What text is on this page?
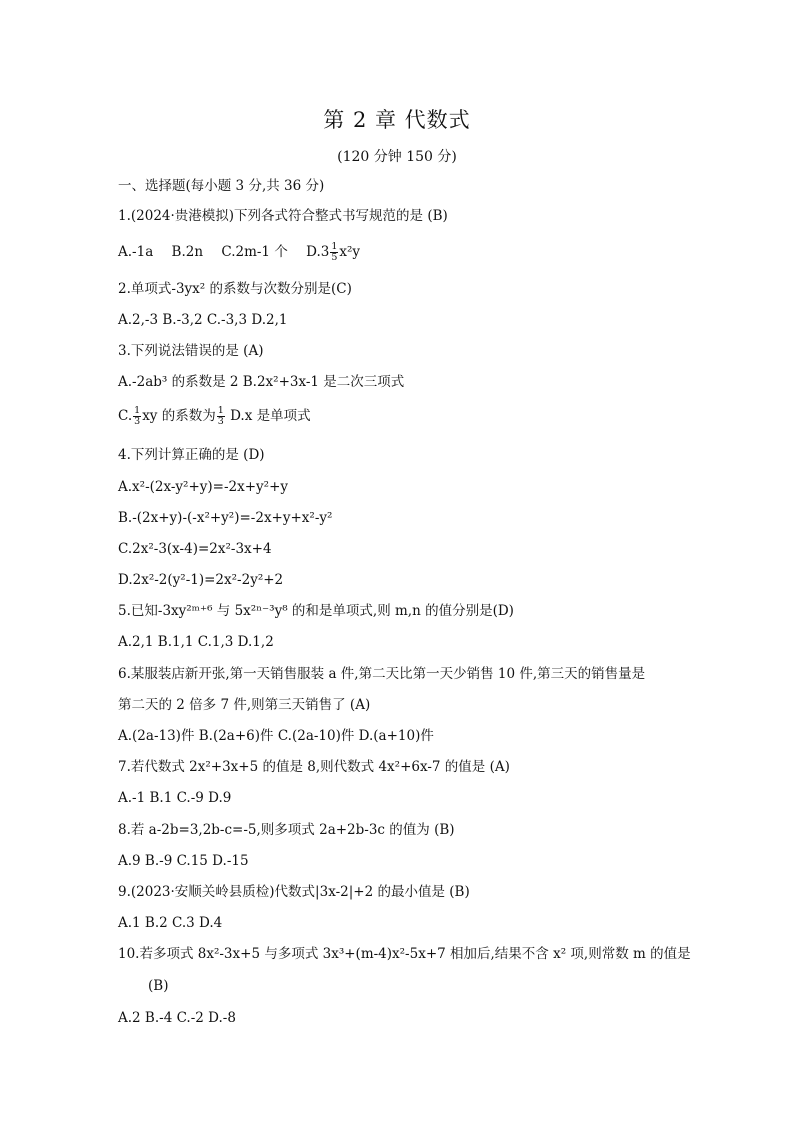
第 2 章 代数式
(120 分钟 150 分)
一、选择题(每小题 3 分,共 36 分)
1.(2024·贵港模拟)下列各式符合整式书写规范的是 (B)
A.-1a B.2n C.2m-1 个 $D.3 \frac{1}{5} x^2y$
2.单项式-3yx² 的系数与次数分别是(C)
A.2,-3 B.-3,2 C.-3,3 D.2,1
3.下列说法错误的是 (A)
A.-2ab³ 的系数是 2 B.2x²+3x-1 是二次三项式
C. $\frac{1}{3}$ xy 的系数为 $\frac{1}{3} D.x$ 是单项式
4.下列计算正确的是 (D)
A.x²-(2x-y²+y)=-2x+y²+y
B.-(2x+y)-(-x²+y²)=-2x+y+x²-y²
C.2x²-3(x-4)=2x²-3x+4
D.2x²-2(y²-1)=2x²-2y²+2
5.已知-3xy²ᵐ⁺⁶ 与 5x²ⁿ⁻³y⁸ 的和是单项式,则 m,n 的值分别是(D)
A.2,1 B.1,1 C.1,3 D.1,2
6.某服装店新开张,第一天销售服装 a 件,第二天比第一天少销售 10 件,第三天的销售量是
第二天的 2 倍多 7 件,则第三天销售了 (A)
A.(2a-13)件 B.(2a+6)件 C.(2a-10)件 D.(a+10)件
7.若代数式 2x²+3x+5 的值是 8,则代数式 4x²+6x-7 的值是 (A)
A.-1 B.1 C.-9 D.9
8.若 a-2b=3,2b-c=-5,则多项式 2a+2b-3c 的值为 (B)
A.9 B.-9 C.15 D.-15
9.(2023·安顺关岭县质检)代数式|3x-2|+2 的最小值是 (B)
A.1 B.2 C.3 D.4
10.若多项式 8x²-3x+5 与多项式 3x³+(m-4)x²-5x+7 相加后,结果不含 x² 项,则常数 m 的值是
(B)
A.2 B.-4 C.-2 D.-8
